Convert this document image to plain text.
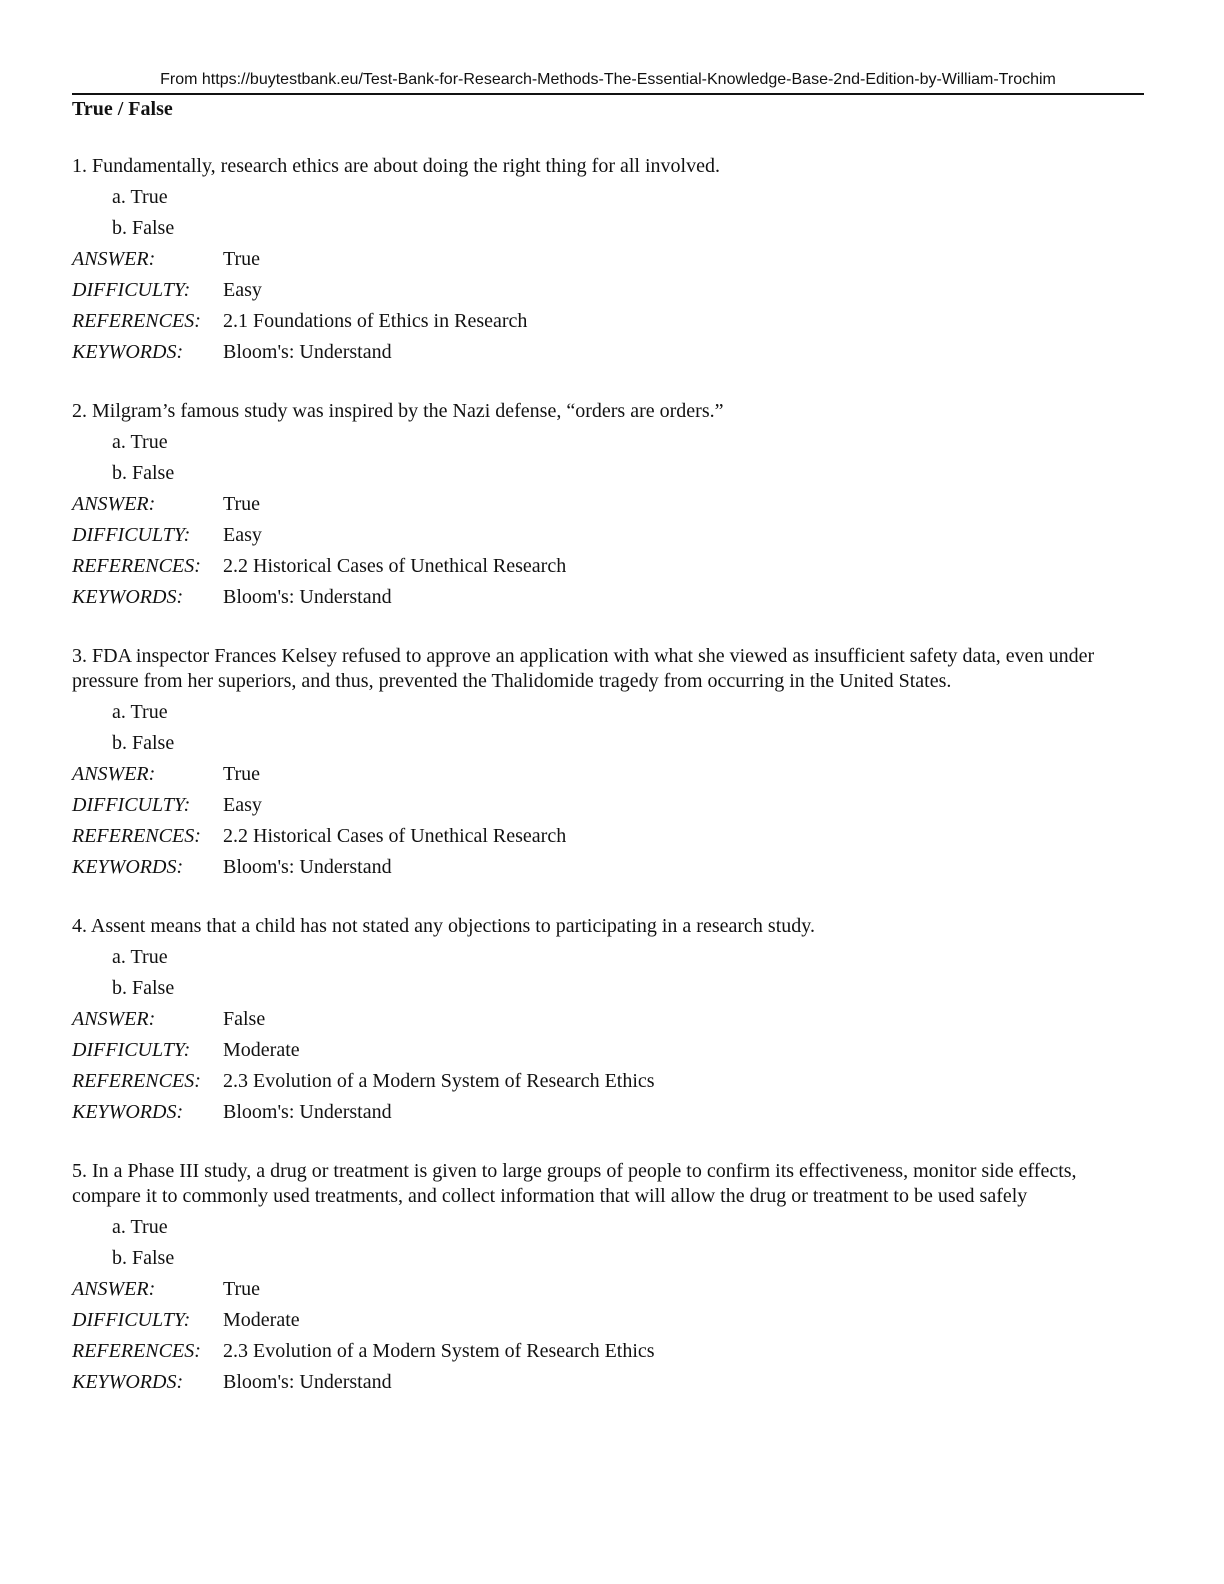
From https://buytestbank.eu/Test-Bank-for-Research-Methods-The-Essential-Knowledge-Base-2nd-Edition-by-William-Trochim
True / False

1. Fundamentally, research ethics are about doing the right thing for all involved.

a. True
b. False
ANSWER:	True
DIFFICULTY:	Easy
REFERENCES:	2.1 Foundations of Ethics in Research
KEYWORDS:	Bloom's: Understand

2. Milgram’s famous study was inspired by the Nazi defense, “orders are orders.”

a. True
b. False
ANSWER:	True
DIFFICULTY:	Easy
REFERENCES:	2.2 Historical Cases of Unethical Research
KEYWORDS:	Bloom's: Understand

3. FDA inspector Frances Kelsey refused to approve an application with what she viewed as insufficient safety data, even under pressure from her superiors, and thus, prevented the Thalidomide tragedy from occurring in the United States.

a. True
b. False
ANSWER:	True
DIFFICULTY:	Easy
REFERENCES:	2.2 Historical Cases of Unethical Research
KEYWORDS:	Bloom's: Understand

4. Assent means that a child has not stated any objections to participating in a research study.

a. True
b. False
ANSWER:	False
DIFFICULTY:	Moderate
REFERENCES:	2.3 Evolution of a Modern System of Research Ethics
KEYWORDS:	Bloom's: Understand

5. In a Phase III study, a drug or treatment is given to large groups of people to confirm its effectiveness, monitor side effects, compare it to commonly used treatments, and collect information that will allow the drug or treatment to be used safely

a. True
b. False
ANSWER:	True
DIFFICULTY:	Moderate
REFERENCES:	2.3 Evolution of a Modern System of Research Ethics
KEYWORDS:	Bloom's: Understand
